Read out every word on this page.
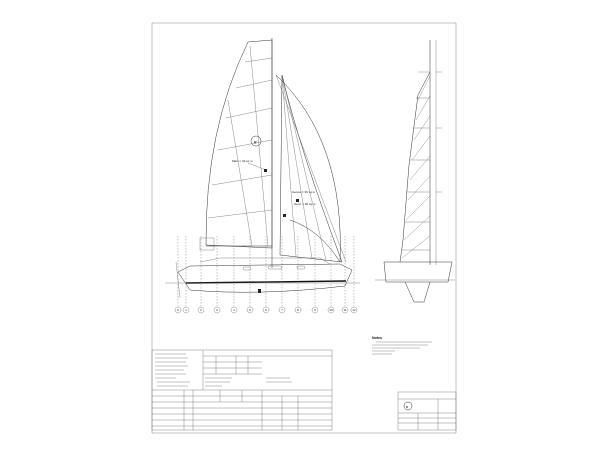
K
Main = 49 sq m
Genoa = 36 sq m
Genn = 96 sq m
0 1	2	3	4	5	6	7	8	9	10	11 12
Notes
K
